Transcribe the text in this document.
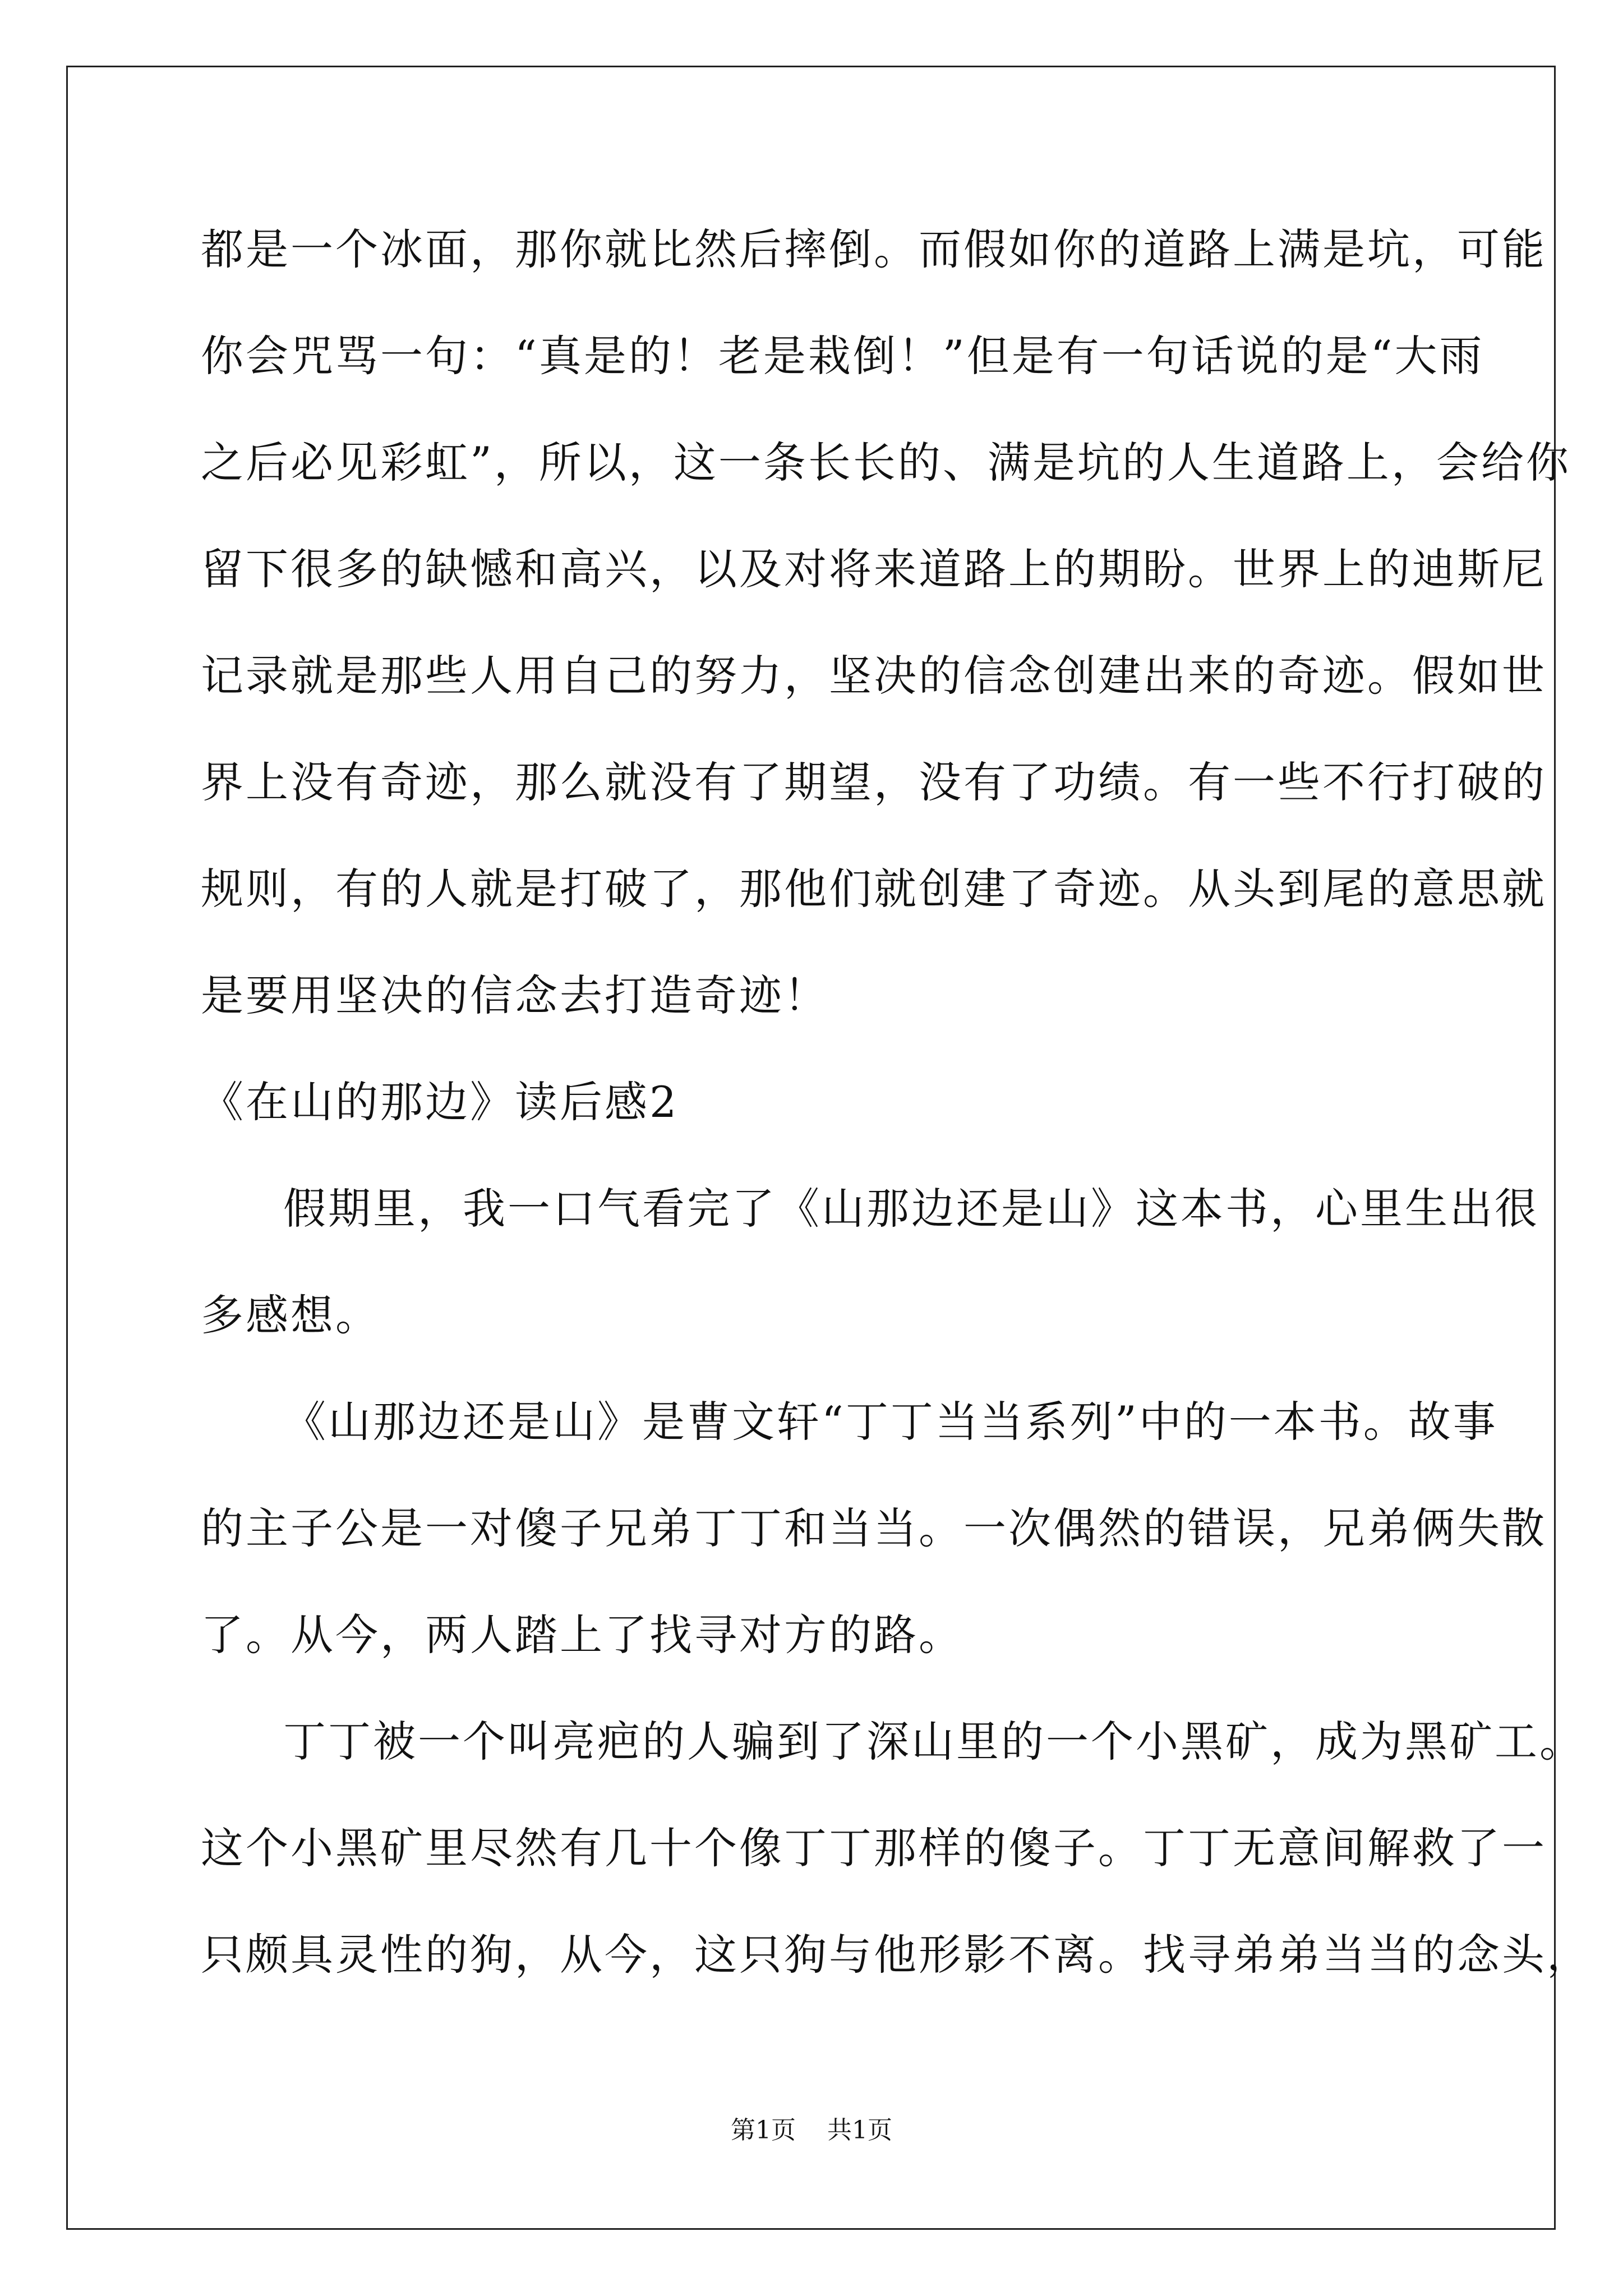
都是一个冰面，那你就比然后摔倒。而假如你的道路上满是坑，可能
你会咒骂一句：“真是的！老是栽倒！”但是有一句话说的是“大雨
之后必见彩虹”，所以，这一条长长的、满是坑的人生道路上，会给你
留下很多的缺憾和高兴，以及对将来道路上的期盼。世界上的迪斯尼
记录就是那些人用自己的努力，坚决的信念创建出来的奇迹。假如世
界上没有奇迹，那么就没有了期望，没有了功绩。有一些不行打破的
规则，有的人就是打破了，那他们就创建了奇迹。从头到尾的意思就
是要用坚决的信念去打造奇迹！
《在山的那边》读后感2
假期里，我一口气看完了《山那边还是山》这本书，心里生出很
多感想。
《山那边还是山》是曹文轩“丁丁当当系列”中的一本书。故事
的主子公是一对傻子兄弟丁丁和当当。一次偶然的错误，兄弟俩失散
了。从今，两人踏上了找寻对方的路。
丁丁被一个叫亮疤的人骗到了深山里的一个小黑矿，成为黑矿工。
这个小黑矿里尽然有几十个像丁丁那样的傻子。丁丁无意间解救了一
只颇具灵性的狗，从今，这只狗与他形影不离。找寻弟弟当当的念头，
第1页    共1页
